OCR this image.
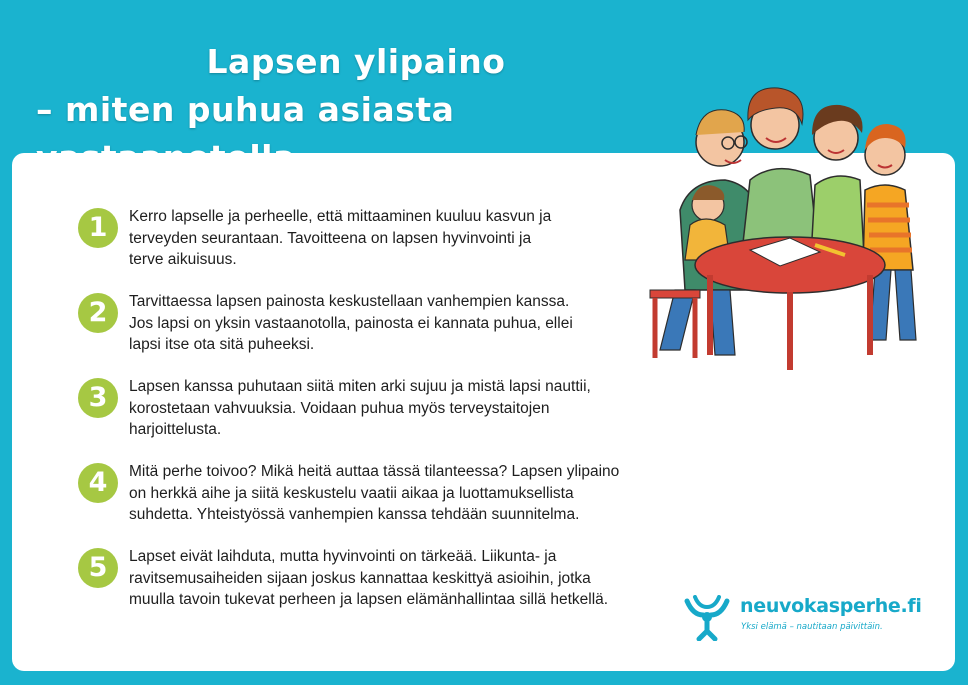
Lapsen ylipaino
– miten puhua asiasta
1	Kerro lapselle ja perheelle, että mittaaminen kuuluu kasvun ja
terveyden seurantaan. Tavoitteena on lapsen hyvinvointi ja
terve aikuisuus.
2	Tarvittaessa lapsen painosta keskustellaan vanhempien kanssa.
Jos lapsi on yksin vastaanotolla, painosta ei kannata puhua, ellei
lapsi itse ota sitä puheeksi.
3	Lapsen kanssa puhutaan siitä miten arki sujuu ja mistä lapsi nauttii,
korostetaan vahvuuksia. Voidaan puhua myös terveystaitojen
harjoittelusta.
4	Mitä perhe toivoo? Mikä heitä auttaa tässä tilanteessa? Lapsen ylipaino
on herkkä aihe ja siitä keskustelu vaatii aikaa ja luottamuksellista
suhdetta. Yhteistyössä vanhempien kanssa tehdään suunnitelma.
5	Lapset eivät laihduta, mutta hyvinvointi on tärkeää. Liikunta- ja
ravitsemusaiheiden sijaan joskus kannattaa keskittyä asioihin, jotka
muulla tavoin tukevat perheen ja lapsen elämänhallintaa sillä hetkellä.	neuvokasperhe.fi
Yksi elämä – nautitaan päivittäin.
